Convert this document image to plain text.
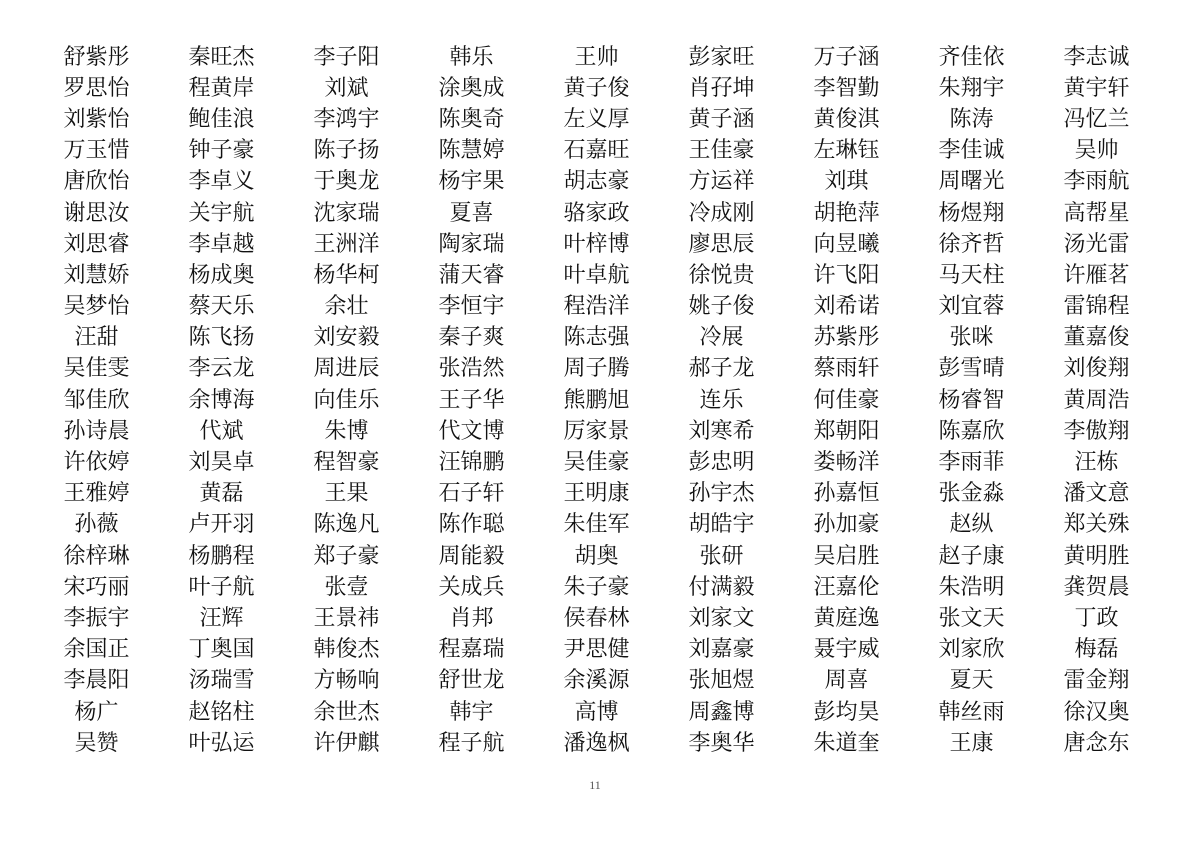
舒紫彤	秦旺杰	李子阳	韩乐	王帅	彭家旺	万子涵	齐佳依	李志诚
罗思怡	程黄岸	刘斌	涂奥成	黄子俊	肖孖坤	李智勤	朱翔宇	黄宇轩
刘紫怡	鲍佳浪	李鸿宇	陈奥奇	左义厚	黄子涵	黄俊淇	陈涛	冯忆兰
万玉惜	钟子豪	陈子扬	陈慧婷	石嘉旺	王佳豪	左琳钰	李佳诚	吴帅
唐欣怡	李卓义	于奥龙	杨宇果	胡志豪	方运祥	刘琪	周曙光	李雨航
谢思汝	关宇航	沈家瑞	夏喜	骆家政	冷成刚	胡艳萍	杨煜翔	高帮星
刘思睿	李卓越	王洲洋	陶家瑞	叶梓博	廖思辰	向昱曦	徐齐哲	汤光雷
刘慧娇	杨成奥	杨华柯	蒲天睿	叶卓航	徐悦贵	许飞阳	马天柱	许雁茗
吴梦怡	蔡天乐	余壮	李恒宇	程浩洋	姚子俊	刘希诺	刘宜蓉	雷锦程
汪甜	陈飞扬	刘安毅	秦子爽	陈志强	冷展	苏紫彤	张咪	董嘉俊
吴佳雯	李云龙	周进辰	张浩然	周子腾	郝子龙	蔡雨轩	彭雪晴	刘俊翔
邹佳欣	余博海	向佳乐	王子华	熊鹏旭	连乐	何佳豪	杨睿智	黄周浩
孙诗晨	代斌	朱博	代文博	厉家景	刘寒希	郑朝阳	陈嘉欣	李傲翔
许依婷	刘昊卓	程智豪	汪锦鹏	吴佳豪	彭忠明	娄畅洋	李雨菲	汪栋
王雅婷	黄磊	王果	石子轩	王明康	孙宇杰	孙嘉恒	张金淼	潘文意
孙薇	卢开羽	陈逸凡	陈作聪	朱佳军	胡皓宇	孙加豪	赵纵	郑关殊
徐梓琳	杨鹏程	郑子豪	周能毅	胡奥	张研	吴启胜	赵子康	黄明胜
宋巧丽	叶子航	张壹	关成兵	朱子豪	付满毅	汪嘉伦	朱浩明	龚贺晨
李振宇	汪辉	王景祎	肖邦	侯春林	刘家文	黄庭逸	张文天	丁政
余国正	丁奥国	韩俊杰	程嘉瑞	尹思健	刘嘉豪	聂宇威	刘家欣	梅磊
李晨阳	汤瑞雪	方畅响	舒世龙	余溪源	张旭煜	周喜	夏天	雷金翔
杨广	赵铭柱	余世杰	韩宇	高博	周鑫博	彭均昊	韩丝雨	徐汉奥
吴赞	叶弘运	许伊麒	程子航	潘逸枫	李奥华	朱道奎	王康	唐念东
11
